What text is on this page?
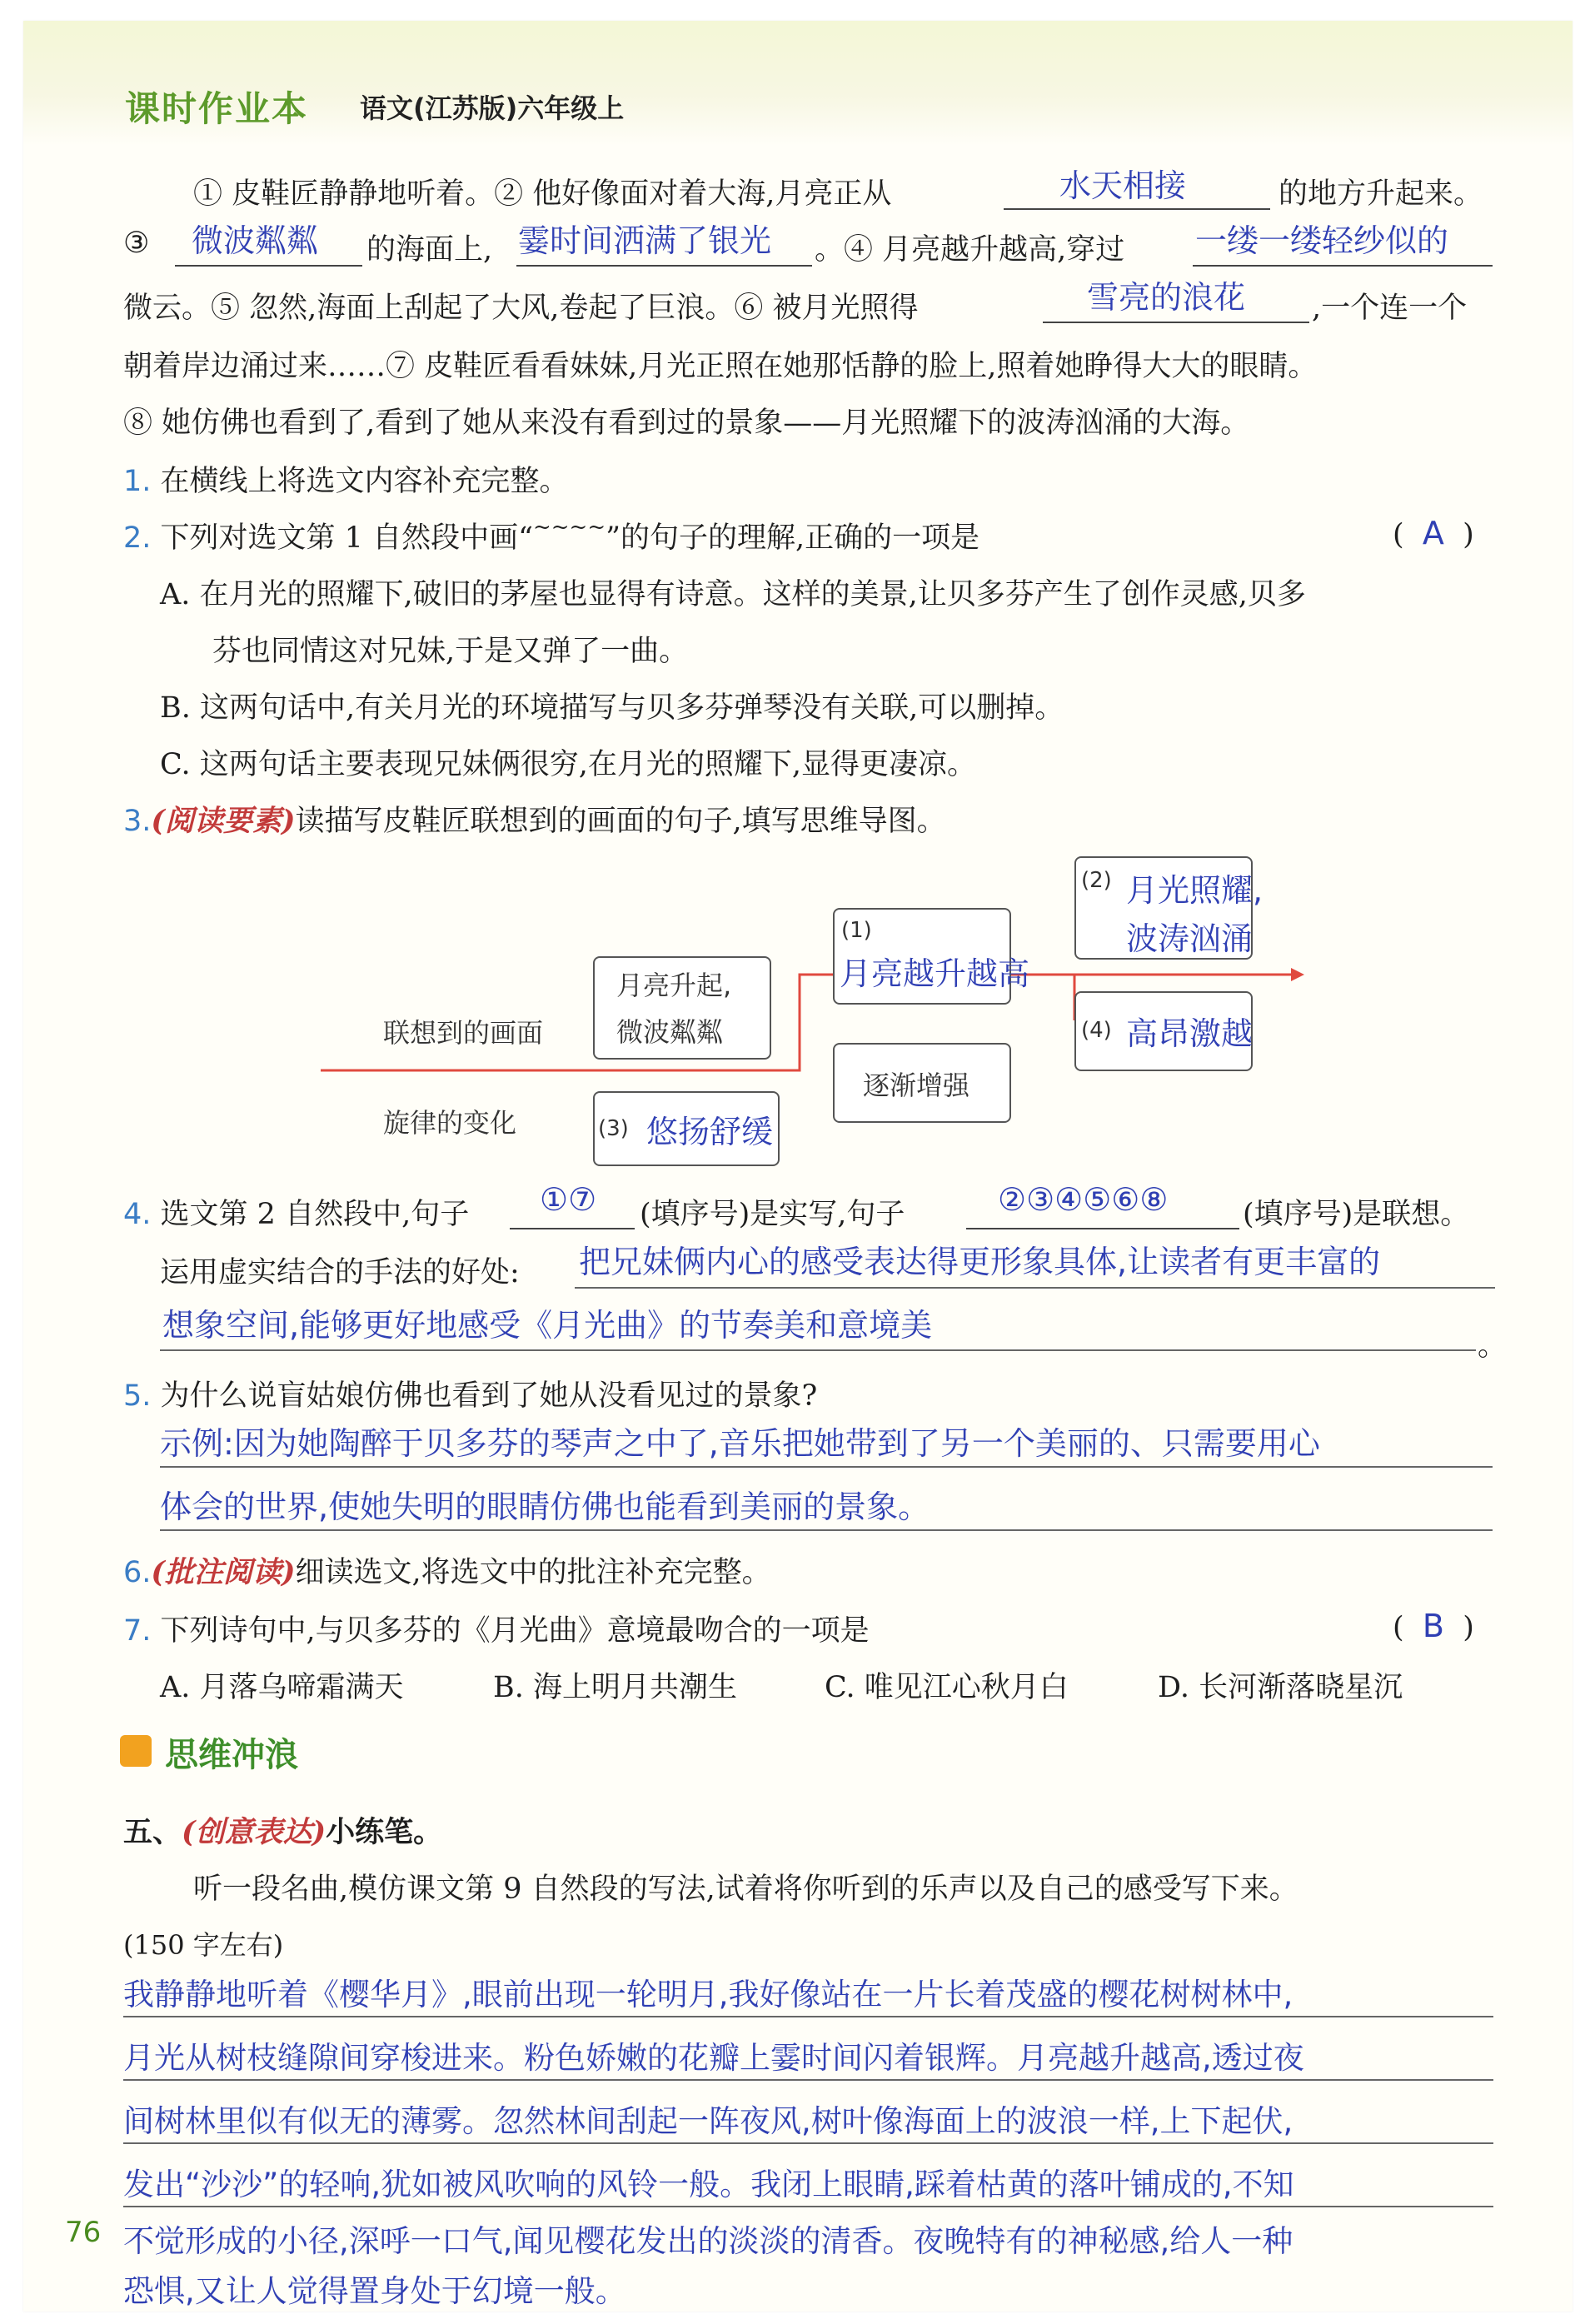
课时作业本 语文(江苏版)六年级上
① 皮鞋匠静静地听着。② 他好像面对着大海,月亮正从	水天相接	的地方升起来。
③ 微波粼粼 的海面上, 霎时间洒满了银光 。④ 月亮越升越高,穿过 一缕一缕轻纱似的
微云。⑤ 忽然,海面上刮起了大风,卷起了巨浪。⑥ 被月光照得	雪亮的浪花 ,一个连一个
朝着岸边涌过来……⑦ 皮鞋匠看看妹妹,月光正照在她那恬静的脸上,照着她睁得大大的眼睛。
⑧ 她仿佛也看到了,看到了她从来没有看到过的景象——月光照耀下的波涛汹涌的大海。
1. 在横线上将选文内容补充完整。
2. 下列对选文第 1 自然段中画“~~~~”的句子的理解,正确的一项是	(  A  )
A. 在月光的照耀下,破旧的茅屋也显得有诗意。这样的美景,让贝多芬产生了创作灵感,贝多
芬也同情这对兄妹,于是又弹了一曲。
B. 这两句话中,有关月光的环境描写与贝多芬弹琴没有关联,可以删掉。
C. 这两句话主要表现兄妹俩很穷,在月光的照耀下,显得更凄凉。
3.(阅读要素)读描写皮鞋匠联想到的画面的句子,填写思维导图。
联想到的画面
旋律的变化
月亮升起,
微波粼粼
(1)
月亮越升越高
(2) 月光照耀,
波涛汹涌
(4) 高昂激越
逐渐增强
(3) 悠扬舒缓
4. 选文第 2 自然段中,句子 ①⑦ (填序号)是实写,句子	②③④⑤⑥⑧	(填序号)是联想。
运用虚实结合的手法的好处: 把兄妹俩内心的感受表达得更形象具体,让读者有更丰富的
想象空间,能够更好地感受《月光曲》的节奏美和意境美
。
5. 为什么说盲姑娘仿佛也看到了她从没看见过的景象?
示例:因为她陶醉于贝多芬的琴声之中了,音乐把她带到了另一个美丽的、只需要用心
体会的世界,使她失明的眼睛仿佛也能看到美丽的景象。
6.(批注阅读)细读选文,将选文中的批注补充完整。
7. 下列诗句中,与贝多芬的《月光曲》意境最吻合的一项是	(  B  )
A. 月落乌啼霜满天	B. 海上明月共潮生	C. 唯见江心秋月白	D. 长河渐落晓星沉
思维冲浪
五、(创意表达)小练笔。
听一段名曲,模仿课文第 9 自然段的写法,试着将你听到的乐声以及自己的感受写下来。
(150 字左右)
我静静地听着《樱华月》,眼前出现一轮明月,我好像站在一片长着茂盛的樱花树树林中,
月光从树枝缝隙间穿梭进来。粉色娇嫩的花瓣上霎时间闪着银辉。月亮越升越高,透过夜
间树林里似有似无的薄雾。忽然林间刮起一阵夜风,树叶像海面上的波浪一样,上下起伏,
发出“沙沙”的轻响,犹如被风吹响的风铃一般。我闭上眼睛,踩着枯黄的落叶铺成的,不知
不觉形成的小径,深呼一口气,闻见樱花发出的淡淡的清香。夜晚特有的神秘感,给人一种
恐惧,又让人觉得置身处于幻境一般。
76
